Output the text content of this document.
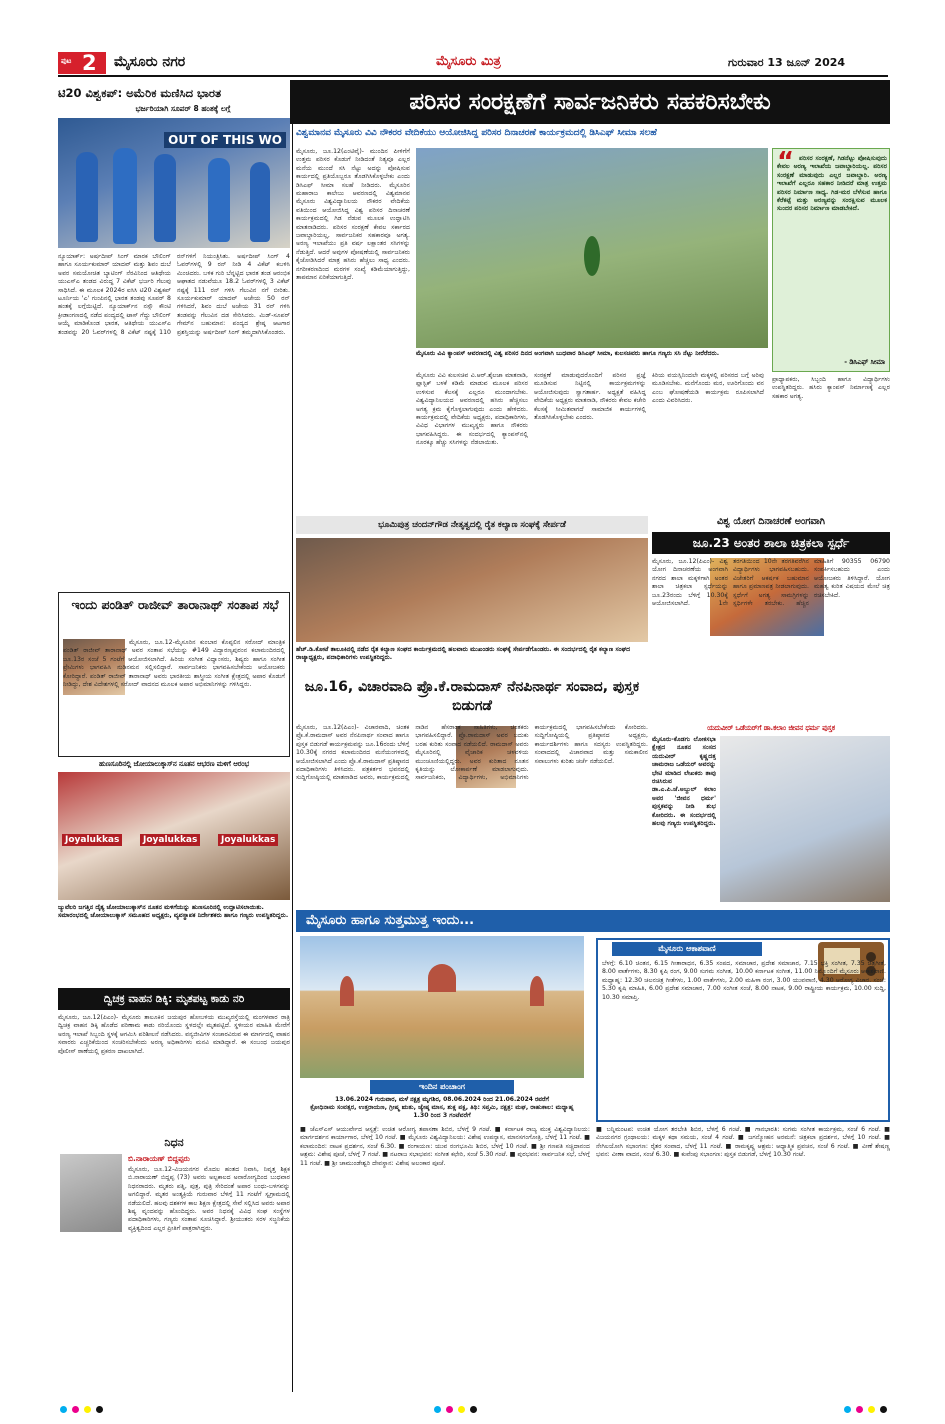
ಪುಟ 2 ಮೈಸೂರು ನಗರ	ಮೈಸೂರು ಮಿತ್ರ	ಗುರುವಾರ 13 ಜೂನ್ 2024
ಟಿ20 ವಿಶ್ವಕಪ್: ಅಮೆರಿಕ ಮಣಿಸಿದ ಭಾರತ
ಭರ್ಜರಿಯಾಗಿ ಸೂಪರ್ 8 ಹಂತಕ್ಕೆ ಲಗ್ಗೆ
OUT OF THIS WO
ನ್ಯೂಯಾರ್ಕ್: ಅರ್ಷದೀಪ್ ಸಿಂಗ್ ಮಾರಕ ಬೌಲಿಂಗ್ ಹಾಗೂ ಸೂರ್ಯಕುಮಾರ್ ಯಾದವ್ ಮತ್ತು ಶಿವಂ ದುಬೆ ಅವರ ಸಮಯೋಚಿತ ಬ್ಯಾಟಿಂಗ್ ನೆರವಿನಿಂದ ಆತಿಥೇಯ ಯುಎಸ್‌ಎ ತಂಡದ ವಿರುದ್ಧ 7 ವಿಕೆಟ್ ಭರ್ಜರಿ ಗೆಲುವು ಸಾಧಿಸಿದೆ. ಈ ಮೂಲಕ 2024ರ ಐಸಿಸಿ ಟಿ20 ವಿಶ್ವಕಪ್ ಟೂರ್ನಿಯ 'ಎ' ಗುಂಪಿನಲ್ಲಿ ಭಾರತ ತಂಡವು ಸೂಪರ್ 8 ಹಂತಕ್ಕೆ ಲಗ್ಗೆಯಿಟ್ಟಿದೆ. ನ್ಯೂಯಾರ್ಕ್‌ನ ನಸ್ಸೌ ಕೌಂಟಿ ಕ್ರೀಡಾಂಗಣದಲ್ಲಿ ನಡೆದ ಪಂದ್ಯದಲ್ಲಿ ಟಾಸ್ ಗೆದ್ದು ಬೌಲಿಂಗ್ ಆಯ್ಕೆ ಮಾಡಿಕೊಂಡ ಭಾರತ, ಆತಿಥೇಯ ಯುಎಸ್‌ಎ ತಂಡವನ್ನು 20 ಓವರ್‌ಗಳಲ್ಲಿ 8 ವಿಕೆಟ್ ನಷ್ಟಕ್ಕೆ 110 ರನ್‌ಗಳಿಗೆ ನಿಯಂತ್ರಿಸಿತು. ಅರ್ಷದೀಪ್ ಸಿಂಗ್ 4 ಓವರ್‌ಗಳಲ್ಲಿ 9 ರನ್ ನೀಡಿ 4 ವಿಕೆಟ್ ಕಬಳಿಸಿ ಮಿಂಚಿದರು. ಬಳಿಕ ಗುರಿ ಬೆನ್ನಟ್ಟಿದ ಭಾರತ ತಂಡ ಆರಂಭಿಕ ಆಘಾತದ ನಡುವೆಯೂ 18.2 ಓವರ್‌ಗಳಲ್ಲಿ 3 ವಿಕೆಟ್ ನಷ್ಟಕ್ಕೆ 111 ರನ್ ಗಳಿಸಿ ಗೆಲುವಿನ ನಗೆ ಬೀರಿತು. ಸೂರ್ಯಕುಮಾರ್ ಯಾದವ್ ಅಜೇಯ 50 ರನ್ ಗಳಿಸಿದರೆ, ಶಿವಂ ದುಬೆ ಅಜೇಯ 31 ರನ್ ಗಳಿಸಿ ತಂಡವನ್ನು ಗೆಲುವಿನ ದಡ ಸೇರಿಸಿದರು. ಮಿಡ್-ಸೂಪರ್ ಗೇಮ್‌ನ ಬಹುಮಾನ: ಪಂದ್ಯದ ಶ್ರೇಷ್ಠ ಆಟಗಾರ ಪ್ರಶಸ್ತಿಯನ್ನು ಅರ್ಷದೀಪ್ ಸಿಂಗ್ ತಮ್ಮದಾಗಿಸಿಕೊಂಡರು.
ಇಂದು ಪಂಡಿತ್ ರಾಜೀವ್ ತಾರಾನಾಥ್ ಸಂತಾಪ ಸಭೆ
ಮೈಸೂರು, ಜೂ.12-ಮೈಸೂರಿನ ಕುಂಬಾರ ಕೊಪ್ಪಲಿನ ಸರೋದ್ ಮಾಂತ್ರಿಕ ಪಂಡಿತ್ ರಾಜೀವ್ ತಾರಾನಾಥ್ ಅವರ ಸಂತಾಪ ಸಭೆಯನ್ನು #149 ವಿದ್ಯಾರಣ್ಯಪುರಂನ ಕಲಾಮಂದಿರದಲ್ಲಿ ಜೂ.13ರ ಸಂಜೆ 5 ಗಂಟೆಗೆ ಆಯೋಜಿಸಲಾಗಿದೆ. ಹಿರಿಯ ಸಂಗೀತ ವಿದ್ವಾಂಸರು, ಶಿಷ್ಯರು ಹಾಗೂ ಸಂಗೀತ ಪ್ರೇಮಿಗಳು ಭಾಗವಹಿಸಿ ನುಡಿನಮನ ಸಲ್ಲಿಸಲಿದ್ದಾರೆ. ಸಾರ್ವಜನಿಕರು ಭಾಗವಹಿಸಬೇಕೆಂದು ಆಯೋಜಕರು ಕೋರಿದ್ದಾರೆ. ಪಂಡಿತ್ ರಾಜೀವ್ ತಾರಾನಾಥ್ ಅವರು ಭಾರತೀಯ ಶಾಸ್ತ್ರೀಯ ಸಂಗೀತ ಕ್ಷೇತ್ರದಲ್ಲಿ ಅಪಾರ ಕೊಡುಗೆ ನೀಡಿದ್ದು, ದೇಶ ವಿದೇಶಗಳಲ್ಲಿ ಸರೋದ್ ವಾದನದ ಮೂಲಕ ಅಪಾರ ಅಭಿಮಾನಿಗಳನ್ನು ಗಳಿಸಿದ್ದರು.
ಹುಣಸೂರಿನಲ್ಲಿ ಜೋಯಾಲುಕ್ಕಾಸ್‌ನ ನೂತನ ಆಭರಣ ಮಳಿಗೆ ಆರಂಭ
Joyalukkas	Joyalukkas	Joyalukkas
ಜ್ಯುವೆಲರಿ ಜಗತ್ತಿನ ದೈತ್ಯ ಜೋಯಾಲುಕ್ಕಾಸ್‌ನ ನೂತನ ಮಳಿಗೆಯನ್ನು ಹುಣಸೂರಿನಲ್ಲಿ ಉದ್ಘಾಟಿಸಲಾಯಿತು. ಸಮಾರಂಭದಲ್ಲಿ ಜೋಯಾಲುಕ್ಕಾಸ್ ಸಮೂಹದ ಅಧ್ಯಕ್ಷರು, ವ್ಯವಸ್ಥಾಪಕ ನಿರ್ದೇಶಕರು ಹಾಗೂ ಗಣ್ಯರು ಉಪಸ್ಥಿತರಿದ್ದರು.
ದ್ವಿಚಕ್ರ ವಾಹನ ಡಿಕ್ಕಿ: ಮೃತಪಟ್ಟ ಕಾಡು ನರಿ
ಮೈಸೂರು, ಜೂ.12(ಪಿಎಂ)- ಮೈಸೂರು ತಾಲೂಕಿನ ಜಯಪುರ ಹೋಬಳಿಯ ಮುಖ್ಯರಸ್ತೆಯಲ್ಲಿ ಮಂಗಳವಾರ ರಾತ್ರಿ ದ್ವಿಚಕ್ರ ವಾಹನ ಡಿಕ್ಕಿ ಹೊಡೆದ ಪರಿಣಾಮ ಕಾಡು ನರಿಯೊಂದು ಸ್ಥಳದಲ್ಲೇ ಮೃತಪಟ್ಟಿದೆ. ಸ್ಥಳೀಯರ ಮಾಹಿತಿ ಮೇರೆಗೆ ಅರಣ್ಯ ಇಲಾಖೆ ಸಿಬ್ಬಂದಿ ಸ್ಥಳಕ್ಕೆ ಆಗಮಿಸಿ ಪರಿಶೀಲನೆ ನಡೆಸಿದರು. ವನ್ಯಜೀವಿಗಳ ಸಂಚಾರವಿರುವ ಈ ಮಾರ್ಗದಲ್ಲಿ ವಾಹನ ಸವಾರರು ಎಚ್ಚರಿಕೆಯಿಂದ ಸಂಚರಿಸಬೇಕೆಂದು ಅರಣ್ಯ ಅಧಿಕಾರಿಗಳು ಮನವಿ ಮಾಡಿದ್ದಾರೆ. ಈ ಸಂಬಂಧ ಜಯಪುರ ಪೊಲೀಸ್ ಠಾಣೆಯಲ್ಲಿ ಪ್ರಕರಣ ದಾಖಲಾಗಿದೆ.
ನಿಧನ
ಬಿ.ನಾರಾಯಣ್ ಬಿದ್ದಪ್ಪರು
ಮೈಸೂರು, ಜೂ.12-ವಿಜಯನಗರ ಮೊದಲ ಹಂತದ ನಿವಾಸಿ, ನಿವೃತ್ತ ಶಿಕ್ಷಕ ಬಿ.ನಾರಾಯಣ್ ಬಿದ್ದಪ್ಪ (73) ಅವರು ಅಲ್ಪಕಾಲದ ಅನಾರೋಗ್ಯದಿಂದ ಬುಧವಾರ ನಿಧನರಾದರು. ಮೃತರು ಪತ್ನಿ, ಪುತ್ರ, ಪುತ್ರಿ ಸೇರಿದಂತೆ ಅಪಾರ ಬಂಧು-ಬಳಗವನ್ನು ಅಗಲಿದ್ದಾರೆ. ಮೃತರ ಅಂತ್ಯಕ್ರಿಯೆ ಗುರುವಾರ ಬೆಳಿಗ್ಗೆ 11 ಗಂಟೆಗೆ ಸ್ವಗ್ರಾಮದಲ್ಲಿ ನಡೆಯಲಿದೆ. ಹಲವು ದಶಕಗಳ ಕಾಲ ಶಿಕ್ಷಣ ಕ್ಷೇತ್ರದಲ್ಲಿ ಸೇವೆ ಸಲ್ಲಿಸಿದ ಅವರು ಅಪಾರ ಶಿಷ್ಯ ವೃಂದವನ್ನು ಹೊಂದಿದ್ದರು. ಅವರ ನಿಧನಕ್ಕೆ ವಿವಿಧ ಸಂಘ ಸಂಸ್ಥೆಗಳ ಪದಾಧಿಕಾರಿಗಳು, ಗಣ್ಯರು ಸಂತಾಪ ಸೂಚಿಸಿದ್ದಾರೆ. ಶ್ರೀಯುತರು ಸರಳ ಸಜ್ಜನಿಕೆಯ ವ್ಯಕ್ತಿತ್ವದಿಂದ ಎಲ್ಲರ ಪ್ರೀತಿಗೆ ಪಾತ್ರರಾಗಿದ್ದರು.
ಪರಿಸರ ಸಂರಕ್ಷಣೆಗೆ ಸಾರ್ವಜನಿಕರು ಸಹಕರಿಸಬೇಕು
ವಿಶ್ವಮಾನವ ಮೈಸೂರು ವಿವಿ ನೌಕರರ ವೇದಿಕೆಯು ಆಯೋಜಿಸಿದ್ದ ಪರಿಸರ ದಿನಾಚರಣೆ ಕಾರ್ಯಕ್ರಮದಲ್ಲಿ ಡಿಸಿಎಫ್ ಸೀಮಾ ಸಲಹೆ
ಮೈಸೂರು, ಜೂ.12(ಎಂಟಿವೈ)- ಮುಂದಿನ ಪೀಳಿಗೆಗೆ ಉತ್ತಮ ಪರಿಸರ ಕೊಡುಗೆ ನೀಡಿದಂತೆ ನಿತ್ಯವೂ ಎಲ್ಲರ ಮನೆಯ ಮುಂದೆ ಸಸಿ ನೆಟ್ಟು ಅದನ್ನು ಪೋಷಿಸುವ ಕಾರ್ಯದಲ್ಲಿ ಪ್ರತಿಯೊಬ್ಬರೂ ತೊಡಗಿಸಿಕೊಳ್ಳಬೇಕು ಎಂದು ಡಿಸಿಎಫ್ ಸೀಮಾ ಸಲಹೆ ನೀಡಿದರು. ಮೈಸೂರಿನ ಮಹಾರಾಜ ಕಾಲೇಜು ಆವರಣದಲ್ಲಿ ವಿಶ್ವಮಾನವ ಮೈಸೂರು ವಿಶ್ವವಿದ್ಯಾನಿಲಯ ನೌಕರರ ವೇದಿಕೆಯ ವತಿಯಿಂದ ಆಯೋಜಿಸಿದ್ದ ವಿಶ್ವ ಪರಿಸರ ದಿನಾಚರಣೆ ಕಾರ್ಯಕ್ರಮದಲ್ಲಿ ಗಿಡ ನೆಡುವ ಮೂಲಕ ಉದ್ಘಾಟಿಸಿ ಮಾತನಾಡಿದರು. ಪರಿಸರ ಸಂರಕ್ಷಣೆ ಕೇವಲ ಸರ್ಕಾರದ ಜವಾಬ್ದಾರಿಯಲ್ಲ, ಸಾರ್ವಜನಿಕರ ಸಹಕಾರವೂ ಅಗತ್ಯ. ಅರಣ್ಯ ಇಲಾಖೆಯು ಪ್ರತಿ ವರ್ಷ ಲಕ್ಷಾಂತರ ಸಸಿಗಳನ್ನು ನೆಡುತ್ತಿದೆ. ಆದರೆ ಅವುಗಳ ಪೋಷಣೆಯಲ್ಲಿ ಸಾರ್ವಜನಿಕರು ಕೈಜೋಡಿಸಿದರೆ ಮಾತ್ರ ಹಸಿರು ಹೆಚ್ಚಲು ಸಾಧ್ಯ ಎಂದರು. ನಗರೀಕರಣದಿಂದ ಮರಗಳ ಸಂಖ್ಯೆ ಕಡಿಮೆಯಾಗುತ್ತಿದ್ದು, ತಾಪಮಾನ ಏರಿಕೆಯಾಗುತ್ತಿದೆ.
ಮೈಸೂರು ವಿವಿ ಕ್ಯಾಂಪಸ್ ಆವರಣದಲ್ಲಿ ವಿಶ್ವ ಪರಿಸರ ದಿನದ ಅಂಗವಾಗಿ ಬುಧವಾರ ಡಿಸಿಎಫ್ ಸೀಮಾ, ಕುಲಸಚಿವರು ಹಾಗೂ ಗಣ್ಯರು ಸಸಿ ನೆಟ್ಟು ನೀರೆರೆದರು.
ಮೈಸೂರು ವಿವಿ ಕುಲಸಚಿವ ವಿ.ಆರ್.ಶೈಲಜಾ ಮಾತನಾಡಿ, ಪ್ಲಾಸ್ಟಿಕ್ ಬಳಕೆ ಕಡಿಮೆ ಮಾಡುವ ಮೂಲಕ ಪರಿಸರ ಉಳಿಸುವ ಕೆಲಸಕ್ಕೆ ಎಲ್ಲರೂ ಮುಂದಾಗಬೇಕು. ವಿಶ್ವವಿದ್ಯಾನಿಲಯದ ಆವರಣದಲ್ಲಿ ಹಸಿರು ಹೆಚ್ಚಿಸಲು ಅಗತ್ಯ ಕ್ರಮ ಕೈಗೊಳ್ಳಲಾಗುವುದು ಎಂದು ಹೇಳಿದರು. ಕಾರ್ಯಕ್ರಮದಲ್ಲಿ ವೇದಿಕೆಯ ಅಧ್ಯಕ್ಷರು, ಪದಾಧಿಕಾರಿಗಳು, ವಿವಿಧ ವಿಭಾಗಗಳ ಮುಖ್ಯಸ್ಥರು ಹಾಗೂ ನೌಕರರು ಭಾಗವಹಿಸಿದ್ದರು. ಈ ಸಂದರ್ಭದಲ್ಲಿ ಕ್ಯಾಂಪಸ್‌ನಲ್ಲಿ ನೂರಕ್ಕೂ ಹೆಚ್ಚು ಸಸಿಗಳನ್ನು ನೆಡಲಾಯಿತು.
ಸಂರಕ್ಷಣೆ ಮಾಡುವುದರೊಂದಿಗೆ ಪರಿಸರ ಪ್ರಜ್ಞೆ ಮೂಡಿಸುವ ನಿಟ್ಟಿನಲ್ಲಿ ಕಾರ್ಯಕ್ರಮಗಳನ್ನು ಆಯೋಜಿಸುವುದು ಸ್ವಾಗತಾರ್ಹ. ಅಧ್ಯಕ್ಷತೆ ವಹಿಸಿದ್ದ ವೇದಿಕೆಯ ಅಧ್ಯಕ್ಷರು ಮಾತನಾಡಿ, ನೌಕರರು ಕೇವಲ ಕಚೇರಿ ಕೆಲಸಕ್ಕೆ ಸೀಮಿತವಾಗದೆ ಸಾಮಾಜಿಕ ಕಾರ್ಯಗಳಲ್ಲಿ ತೊಡಗಿಸಿಕೊಳ್ಳಬೇಕು ಎಂದರು.
ಕಿರಿಯ ವಯಸ್ಸಿನಿಂದಲೇ ಮಕ್ಕಳಲ್ಲಿ ಪರಿಸರದ ಬಗ್ಗೆ ಅರಿವು ಮೂಡಿಸಬೇಕು. ಮನೆಗೊಂದು ಮರ, ಊರಿಗೊಂದು ವನ ಎಂಬ ಘೋಷಣೆಯಡಿ ಕಾರ್ಯಕ್ರಮ ರೂಪಿಸಲಾಗಿದೆ ಎಂದು ವಿವರಿಸಿದರು.
“ ಪರಿಸರ ಸಂರಕ್ಷಣೆ, ಗಿಡನೆಟ್ಟು ಪೋಷಿಸುವುದು ಕೇವಲ ಅರಣ್ಯ ಇಲಾಖೆಯ ಜವಾಬ್ದಾರಿಯಲ್ಲ. ಪರಿಸರ ಸಂರಕ್ಷಣೆ ಮಾಡುವುದು ಎಲ್ಲರ ಜವಾಬ್ದಾರಿ. ಅರಣ್ಯ ಇಲಾಖೆಗೆ ಎಲ್ಲರೂ ಸಹಕಾರ ನೀಡಿದರೆ ಮಾತ್ರ ಉತ್ತಮ ಪರಿಸರ ನಿರ್ಮಾಣ ಸಾಧ್ಯ. ಗಿಡ-ಮರ ಬೆಳೆಸುವ ಹಾಗೂ ಕೆರೆಕಟ್ಟೆ ಮತ್ತು ಅರಣ್ಯವನ್ನು ಸಂರಕ್ಷಿಸುವ ಮೂಲಕ ಸುಂದರ ಪರಿಸರ ನಿರ್ಮಾಣ ಮಾಡಬೇಕಿದೆ.
- ಡಿಸಿಎಫ್ ಸೀಮಾ
ಪ್ರಾಧ್ಯಾಪಕರು, ಸಿಬ್ಬಂದಿ ಹಾಗೂ ವಿದ್ಯಾರ್ಥಿಗಳು ಉಪಸ್ಥಿತರಿದ್ದರು. ಹಸಿರು ಕ್ಯಾಂಪಸ್ ನಿರ್ಮಾಣಕ್ಕೆ ಎಲ್ಲರ ಸಹಕಾರ ಅಗತ್ಯ.
ಭೂಮಿಪುತ್ರ ಚಂದನ್‌ಗೌಡ ನೇತೃತ್ವದಲ್ಲಿ ರೈತ ಕಲ್ಯಾಣ ಸಂಘಕ್ಕೆ ಸೇರ್ಪಡೆ
ಹೆಚ್.ಡಿ.ಕೋಟೆ ತಾಲೂಕಿನಲ್ಲಿ ನಡೆದ ರೈತ ಕಲ್ಯಾಣ ಸಂಘದ ಕಾರ್ಯಕ್ರಮದಲ್ಲಿ ಹಲವಾರು ಮುಖಂಡರು ಸಂಘಕ್ಕೆ ಸೇರ್ಪಡೆಗೊಂಡರು. ಈ ಸಂದರ್ಭದಲ್ಲಿ ರೈತ ಕಲ್ಯಾಣ ಸಂಘದ ರಾಜ್ಯಾಧ್ಯಕ್ಷರು, ಪದಾಧಿಕಾರಿಗಳು ಉಪಸ್ಥಿತರಿದ್ದರು.
ಜೂ.16, ವಿಚಾರವಾದಿ ಪ್ರೊ.ಕೆ.ರಾಮದಾಸ್ ನೆನಪಿನಾರ್ಥ ಸಂವಾದ, ಪುಸ್ತಕ ಬಿಡುಗಡೆ
ಮೈಸೂರು, ಜೂ.12(ಪಿಎಂ)- ವಿಚಾರವಾದಿ, ಚಿಂತಕ ಪ್ರೊ.ಕೆ.ರಾಮದಾಸ್ ಅವರ ನೆನಪಿನಾರ್ಥ ಸಂವಾದ ಹಾಗೂ ಪುಸ್ತಕ ಬಿಡುಗಡೆ ಕಾರ್ಯಕ್ರಮವನ್ನು ಜೂ.16ರಂದು ಬೆಳಿಗ್ಗೆ 10.30ಕ್ಕೆ ನಗರದ ಕಲಾಮಂದಿರದ ಮನೆಯಂಗಳದಲ್ಲಿ ಆಯೋಜಿಸಲಾಗಿದೆ ಎಂದು ಪ್ರೊ.ಕೆ.ರಾಮದಾಸ್ ಪ್ರತಿಷ್ಠಾನದ ಪದಾಧಿಕಾರಿಗಳು ತಿಳಿಸಿದರು. ಪತ್ರಕರ್ತರ ಭವನದಲ್ಲಿ ಸುದ್ದಿಗೋಷ್ಠಿಯಲ್ಲಿ ಮಾತನಾಡಿದ ಅವರು, ಕಾರ್ಯಕ್ರಮದಲ್ಲಿ ನಾಡಿನ ಹೆಸರಾಂತ ಸಾಹಿತಿಗಳು, ಚಿಂತಕರು ಭಾಗವಹಿಸಲಿದ್ದಾರೆ. ಪ್ರೊ.ರಾಮದಾಸ್ ಅವರ ಬದುಕು ಬರಹ ಕುರಿತು ಸಂವಾದ ನಡೆಯಲಿದೆ. ರಾಮದಾಸ್ ಅವರು ಮೈಸೂರಿನಲ್ಲಿ ವೈಚಾರಿಕ ಚಳವಳಿಯ ಮುಂಚೂಣಿಯಲ್ಲಿದ್ದರು. ಅವರ ಕುರಿತಾದ ನೂತನ ಕೃತಿಯನ್ನು ಲೋಕಾರ್ಪಣೆ ಮಾಡಲಾಗುವುದು. ಸಾರ್ವಜನಿಕರು, ವಿದ್ಯಾರ್ಥಿಗಳು, ಅಭಿಮಾನಿಗಳು ಕಾರ್ಯಕ್ರಮದಲ್ಲಿ ಭಾಗವಹಿಸಬೇಕೆಂದು ಕೋರಿದರು. ಸುದ್ದಿಗೋಷ್ಠಿಯಲ್ಲಿ ಪ್ರತಿಷ್ಠಾನದ ಅಧ್ಯಕ್ಷರು, ಕಾರ್ಯದರ್ಶಿಗಳು ಹಾಗೂ ಸದಸ್ಯರು ಉಪಸ್ಥಿತರಿದ್ದರು. ಸಂವಾದದಲ್ಲಿ ವಿಚಾರವಾದ ಮತ್ತು ಸಮಕಾಲೀನ ಸವಾಲುಗಳು ಕುರಿತು ಚರ್ಚೆ ನಡೆಯಲಿದೆ.
ವಿಶ್ವ ಯೋಗ ದಿನಾಚರಣೆ ಅಂಗವಾಗಿ
ಜೂ.23 ಅಂತರ ಶಾಲಾ ಚಿತ್ರಕಲಾ ಸ್ಪರ್ಧೆ
ಮೈಸೂರು, ಜೂ.12(ಪಿಎಂ)- ವಿಶ್ವ ಯೋಗ ದಿನಾಚರಣೆಯ ಅಂಗವಾಗಿ ನಗರದ ಶಾಲಾ ಮಕ್ಕಳಿಗಾಗಿ ಅಂತರ ಶಾಲಾ ಚಿತ್ರಕಲಾ ಸ್ಪರ್ಧೆಯನ್ನು ಜೂ.23ರಂದು ಬೆಳಿಗ್ಗೆ 10.30ಕ್ಕೆ ಆಯೋಜಿಸಲಾಗಿದೆ. 1ನೇ ತರಗತಿಯಿಂದ 10ನೇ ತರಗತಿವರೆಗಿನ ವಿದ್ಯಾರ್ಥಿಗಳು ಭಾಗವಹಿಸಬಹುದು. ವಿಜೇತರಿಗೆ ಆಕರ್ಷಕ ಬಹುಮಾನ ಹಾಗೂ ಪ್ರಮಾಣಪತ್ರ ನೀಡಲಾಗುವುದು. ಸ್ಪರ್ಧೆಗೆ ಅಗತ್ಯ ಸಾಮಗ್ರಿಗಳನ್ನು ಸ್ಪರ್ಧಿಗಳೇ ತರಬೇಕು. ಹೆಚ್ಚಿನ ಮಾಹಿತಿಗೆ 90355 06790 ಸಂಪರ್ಕಿಸಬಹುದು ಎಂದು ಆಯೋಜಕರು ತಿಳಿಸಿದ್ದಾರೆ. ಯೋಗ ಮಹತ್ವ ಕುರಿತ ವಿಷಯದ ಮೇಲೆ ಚಿತ್ರ ರಚಿಸಬೇಕಿದೆ.
ಯದುವೀರ್ ಒಡೆಯರ್‌ಗೆ ಡಾ.ಕಲಾಂ ಜೀವನ ಧರ್ಮ ಪುಸ್ತಕ
ಮೈಸೂರು-ಕೊಡಗು ಲೋಕಸಭಾ ಕ್ಷೇತ್ರದ ನೂತನ ಸಂಸದ ಯದುವೀರ್ ಕೃಷ್ಣದತ್ತ ಚಾಮರಾಜ ಒಡೆಯರ್ ಅವರನ್ನು ಭೇಟಿ ಮಾಡಿದ ಲೇಖಕರು ತಾವು ರಚಿಸಿರುವ ಡಾ.ಎ.ಪಿ.ಜೆ.ಅಬ್ದುಲ್ ಕಲಾಂ ಅವರ 'ಜೀವನ ಧರ್ಮ' ಪುಸ್ತಕವನ್ನು ನೀಡಿ ಶುಭ ಕೋರಿದರು. ಈ ಸಂದರ್ಭದಲ್ಲಿ ಹಲವು ಗಣ್ಯರು ಉಪಸ್ಥಿತರಿದ್ದರು.
ಮೈಸೂರು ಹಾಗೂ ಸುತ್ತಮುತ್ತ ಇಂದು...
ಇಂದಿನ ಪಂಚಾಂಗ
13.06.2024 ಗುರುವಾರ, ಮಳೆ ನಕ್ಷತ್ರ ಮೃಗಶಿರ, 08.06.2024 ರಿಂದ 21.06.2024 ರವರೆಗೆ
ಕ್ರೋಧಿನಾಮ ಸಂವತ್ಸರ, ಉತ್ತರಾಯಣ, ಗ್ರೀಷ್ಮ ಋತು, ಜ್ಯೇಷ್ಠ ಮಾಸ, ಶುಕ್ಲ ಪಕ್ಷ, ತಿಥಿ: ಸಪ್ತಮಿ, ನಕ್ಷತ್ರ: ಮಘ, ರಾಹುಕಾಲ: ಮಧ್ಯಾಹ್ನ 1.30 ರಿಂದ 3 ಗಂಟೆವರೆಗೆ
ಮೈಸೂರು ಆಕಾಶವಾಣಿ
ಬೆಳಗ್ಗೆ: 6.10 ಚಿಂತನ, 6.15 ಗೀತಾರಾಧನ, 6.35 ಸಂಪದ, ಸಮಾಚಾರ, ಪ್ರದೇಶ ಸಮಾಚಾರ, 7.15 ಭಕ್ತಿ ಸಂಗೀತ, 7.35 ಚಿತ್ರಗೀತೆ, 8.00 ವಾರ್ತೆಗಳು, 8.30 ಕೃಷಿ ರಂಗ, 9.00 ಸುಗಮ ಸಂಗೀತ, 10.00 ಕರ್ನಾಟಕ ಸಂಗೀತ, 11.00 ನಿಮ್ಮೊಂದಿಗೆ ಮೈಸೂರು ಆಕಾಶವಾಣಿ. ಮಧ್ಯಾಹ್ನ: 12.30 ಚಲನಚಿತ್ರ ಗೀತೆಗಳು, 1.00 ವಾರ್ತೆಗಳು, 2.00 ಮಹಿಳಾ ರಂಗ, 3.00 ಯುವವಾಣಿ, 4.30 ಆರೋಗ್ಯ ವಿಚಾರ. ಸಂಜೆ: 5.30 ಕೃಷಿ ಮಾಹಿತಿ, 6.00 ಪ್ರದೇಶ ಸಮಾಚಾರ, 7.00 ಸಂಗೀತ ಸಂಜೆ, 8.00 ನಾಟಕ, 9.00 ರಾಷ್ಟ್ರೀಯ ಕಾರ್ಯಕ್ರಮ, 10.00 ಸುದ್ದಿ, 10.30 ಸಮಾಪ್ತಿ.
■ ಜೆಎಸ್‌ಎಸ್ ಆಯುರ್ವೇದ ಆಸ್ಪತ್ರೆ: ಉಚಿತ ಆರೋಗ್ಯ ತಪಾಸಣಾ ಶಿಬಿರ, ಬೆಳಗ್ಗೆ 9 ಗಂಟೆ. ■ ಕರ್ನಾಟಕ ರಾಜ್ಯ ಮುಕ್ತ ವಿಶ್ವವಿದ್ಯಾನಿಲಯ: ಮಾರ್ಗದರ್ಶನ ಕಾರ್ಯಾಗಾರ, ಬೆಳಗ್ಗೆ 10 ಗಂಟೆ. ■ ಮೈಸೂರು ವಿಶ್ವವಿದ್ಯಾನಿಲಯ: ವಿಶೇಷ ಉಪನ್ಯಾಸ, ಮಾನಸಗಂಗೋತ್ರಿ, ಬೆಳಗ್ಗೆ 11 ಗಂಟೆ. ■ ಕಲಾಮಂದಿರ: ನಾಟಕ ಪ್ರದರ್ಶನ, ಸಂಜೆ 6.30. ■ ರಂಗಾಯಣ: ಯುವ ರಂಗಭೂಮಿ ಶಿಬಿರ, ಬೆಳಗ್ಗೆ 10 ಗಂಟೆ. ■ ಶ್ರೀ ಗಣಪತಿ ಸಚ್ಚಿದಾನಂದ ಆಶ್ರಮ: ವಿಶೇಷ ಪೂಜೆ, ಬೆಳಗ್ಗೆ 7 ಗಂಟೆ. ■ ನಟರಾಜ ಸಭಾಭವನ: ಸಂಗೀತ ಕಛೇರಿ, ಸಂಜೆ 5.30 ಗಂಟೆ. ■ ಪುರಭವನ: ಸಾರ್ವಜನಿಕ ಸಭೆ, ಬೆಳಗ್ಗೆ 11 ಗಂಟೆ. ■ ಶ್ರೀ ಚಾಮುಂಡೇಶ್ವರಿ ದೇವಸ್ಥಾನ: ವಿಶೇಷ ಅಲಂಕಾರ ಪೂಜೆ.
■ ಬನ್ನಿಮಂಟಪ: ಉಚಿತ ಯೋಗ ತರಬೇತಿ ಶಿಬಿರ, ಬೆಳಗ್ಗೆ 6 ಗಂಟೆ. ■ ಗಾನಭಾರತಿ: ಸುಗಮ ಸಂಗೀತ ಕಾರ್ಯಕ್ರಮ, ಸಂಜೆ 6 ಗಂಟೆ. ■ ವಿಜಯನಗರ ಗ್ರಂಥಾಲಯ: ಮಕ್ಕಳ ಕಥಾ ಸಮಯ, ಸಂಜೆ 4 ಗಂಟೆ. ■ ಜಗನ್ಮೋಹನ ಅರಮನೆ: ಚಿತ್ರಕಲಾ ಪ್ರದರ್ಶನ, ಬೆಳಗ್ಗೆ 10 ಗಂಟೆ. ■ ನೇಗಿಲಯೋಗಿ ಸಭಾಂಗಣ: ರೈತರ ಸಂವಾದ, ಬೆಳಗ್ಗೆ 11 ಗಂಟೆ. ■ ರಾಮಕೃಷ್ಣ ಆಶ್ರಮ: ಆಧ್ಯಾತ್ಮಿಕ ಪ್ರವಚನ, ಸಂಜೆ 6 ಗಂಟೆ. ■ ವೀಣೆ ಶೇಷಣ್ಣ ಭವನ: ವೀಣಾ ವಾದನ, ಸಂಜೆ 6.30. ■ ಕುವೆಂಪು ಸಭಾಂಗಣ: ಪುಸ್ತಕ ಬಿಡುಗಡೆ, ಬೆಳಗ್ಗೆ 10.30 ಗಂಟೆ.
